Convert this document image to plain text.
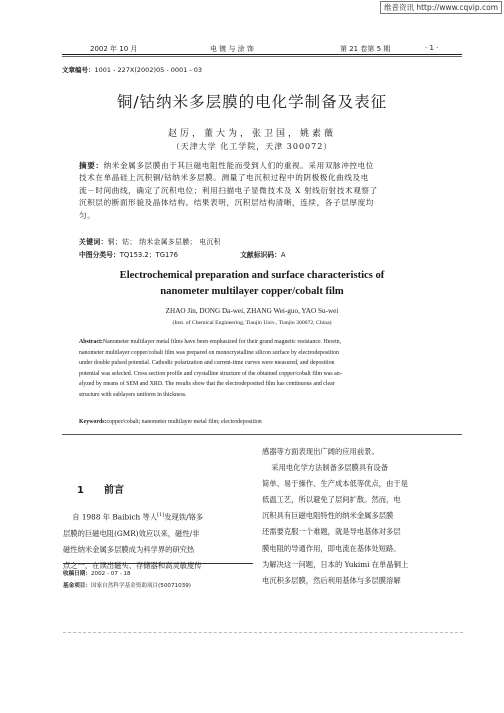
维普资讯 http://www.cqvip.com
2002 年 10 月	电 镀 与 涂 饰	第 21 卷第 5 期	· 1 ·
文章编号：1001 - 227X(2002)05 - 0001 - 03
铜/钴纳米多层膜的电化学制备及表征
赵厉，董大为，张卫国，姚素薇
（天津大学 化工学院，天津 300072）
摘要：纳米金属多层膜由于其巨磁电阻性能而受到人们的重视。采用双脉冲控电位
技术在单晶硅上沉积铜/钴纳米多层膜。测量了电沉积过程中的阴极极化曲线及电
流－时间曲线，确定了沉积电位；利用扫描电子显微技术及 X 射线衍射技术观察了
沉积层的断面形貌及晶体结构。结果表明，沉积层结构清晰，连续，各子层厚度均
匀。
关键词：铜；钴； 纳米金属多层膜； 电沉积
中图分类号：TQ153.2；TG176	文献标识码：A
Electrochemical preparation and surface characteristics of
nanometer multilayer copper/cobalt film
ZHAO Jin, DONG Da-wei, ZHANG Wei-guo, YAO Su-wei
(Inst. of Chemical Engineering, Tianjin Univ., Tianjin 300072, China)
Abstract:Nanometer multilayer metal films have been emphasized for their grand magnetic resistance. Herein,
nanometer multilayer copper/cobalt film was prepared on monocrystalline silicon surface by electrodeposition
under double pulsed potential. Cathodic polarization and current-time curves were measured, and deposition
potential was selected. Cross section profile and crystalline structure of the obtained copper/cobalt film was an-
alyzed by means of SEM and XRD. The results show that the electrodeposited film has continuous and clear
structure with sublayers uniform in thickness.
Keywords:copper/cobalt; nanometer multilayer metal film; electrodeposition
1 前言
自 1988 年 Baibich 等人[1]发现铁/铬多
层膜的巨磁电阻(GMR)效应以来，磁性/非
磁性纳米金属多层膜成为科学界的研究热
点之一，在读出磁头、存储器和高灵敏度传
收稿日期：2002 - 07 - 18
基金项目：国家自然科学基金资助项目(50071039)
感器等方面表现出广阔的应用前景。
采用电化学方法制备多层膜具有设备
简单、易于操作、生产成本低等优点，由于是
低温工艺，所以避免了层间扩散。然而，电
沉积具有巨磁电阻特性的纳米金属多层膜
还需要克服一个难题，就是导电基体对多层
膜电阻的导通作用，即电流在基体处短路。
为解决这一问题，日本的 Yukimi 在单晶铜上
电沉积多层膜，然后利用基体与多层膜溶解
